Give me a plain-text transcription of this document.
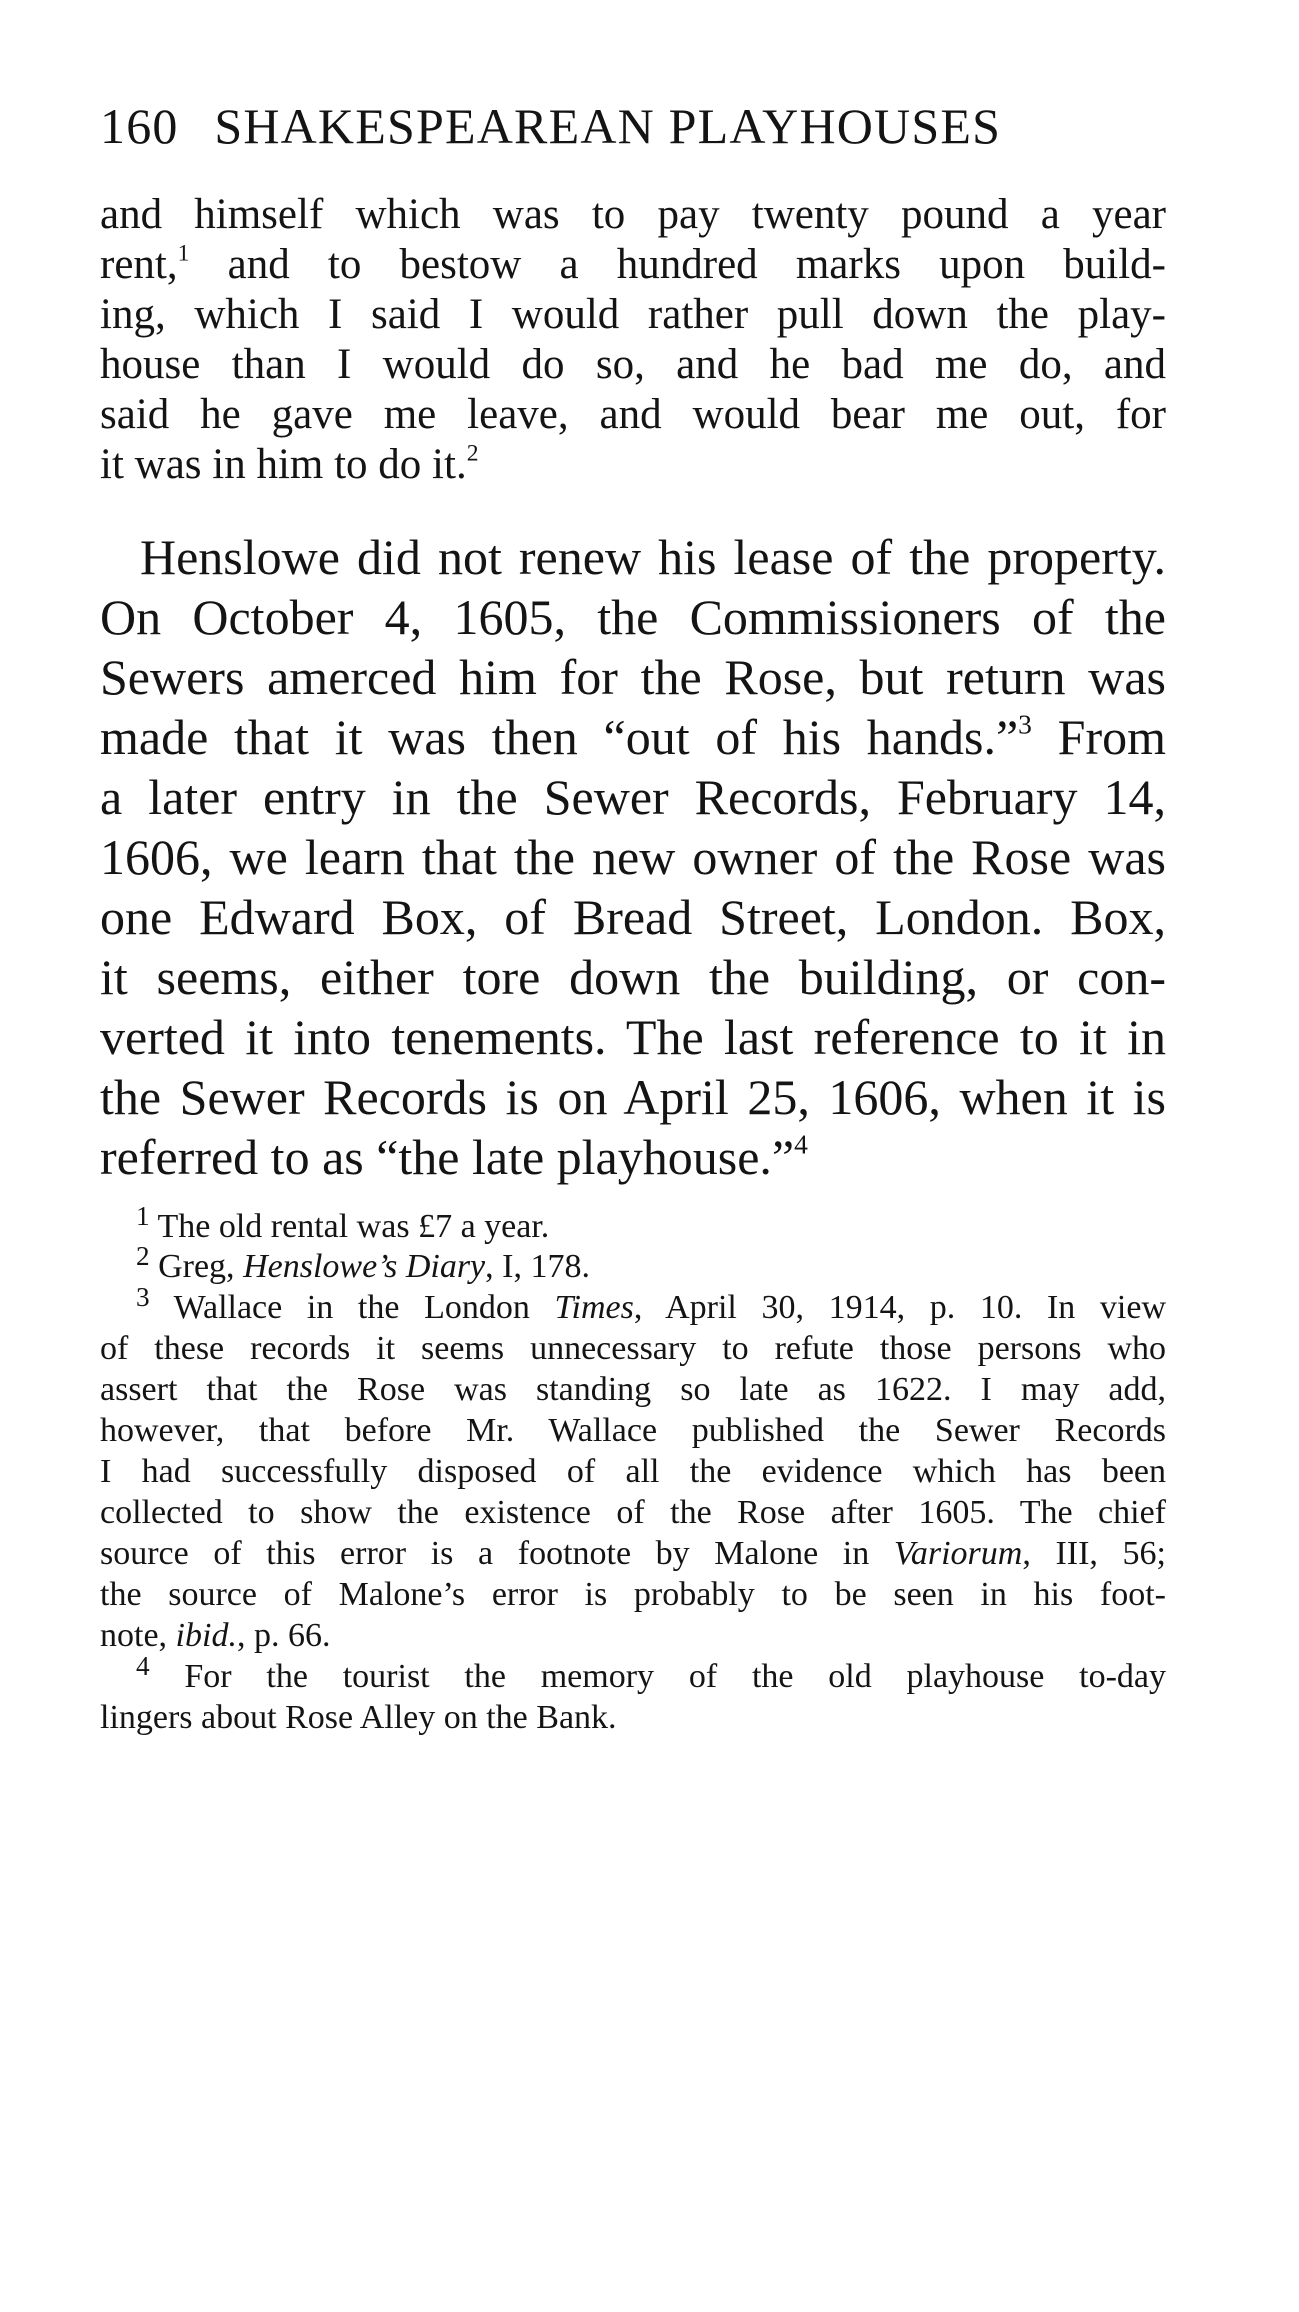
160 SHAKESPEAREAN PLAYHOUSES
and himself which was to pay twenty pound a year
rent,$^1$ and to bestow a hundred marks upon build-
ing, which I said I would rather pull down the play-
house than I would do so, and he bad me do, and
said he gave me leave, and would bear me out, for
it was in him to do it.$^2$
Henslowe did not renew his lease of the property.
On October 4, 1605, the Commissioners of the
Sewers amerced him for the Rose, but return was
made that it was then “out of his hands.”$^3$ From
a later entry in the Sewer Records, February 14,
1606, we learn that the new owner of the Rose was
one Edward Box, of Bread Street, London. Box,
it seems, either tore down the building, or con-
verted it into tenements. The last reference to it in
the Sewer Records is on April 25, 1606, when it is
referred to as “the late playhouse.”$^4$
$^1$ The old rental was £7 a year.
$^2$ Greg, Henslowe’s Diary, I, 178.
$^3$ Wallace in the London Times, April 30, 1914, p. 10. In view
of these records it seems unnecessary to refute those persons who
assert that the Rose was standing so late as 1622. I may add,
however, that before Mr. Wallace published the Sewer Records
I had successfully disposed of all the evidence which has been
collected to show the existence of the Rose after 1605. The chief
source of this error is a footnote by Malone in Variorum, III, 56;
the source of Malone’s error is probably to be seen in his foot-
note, ibid., p. 66.
$^4$ For the tourist the memory of the old playhouse to-day
lingers about Rose Alley on the Bank.
